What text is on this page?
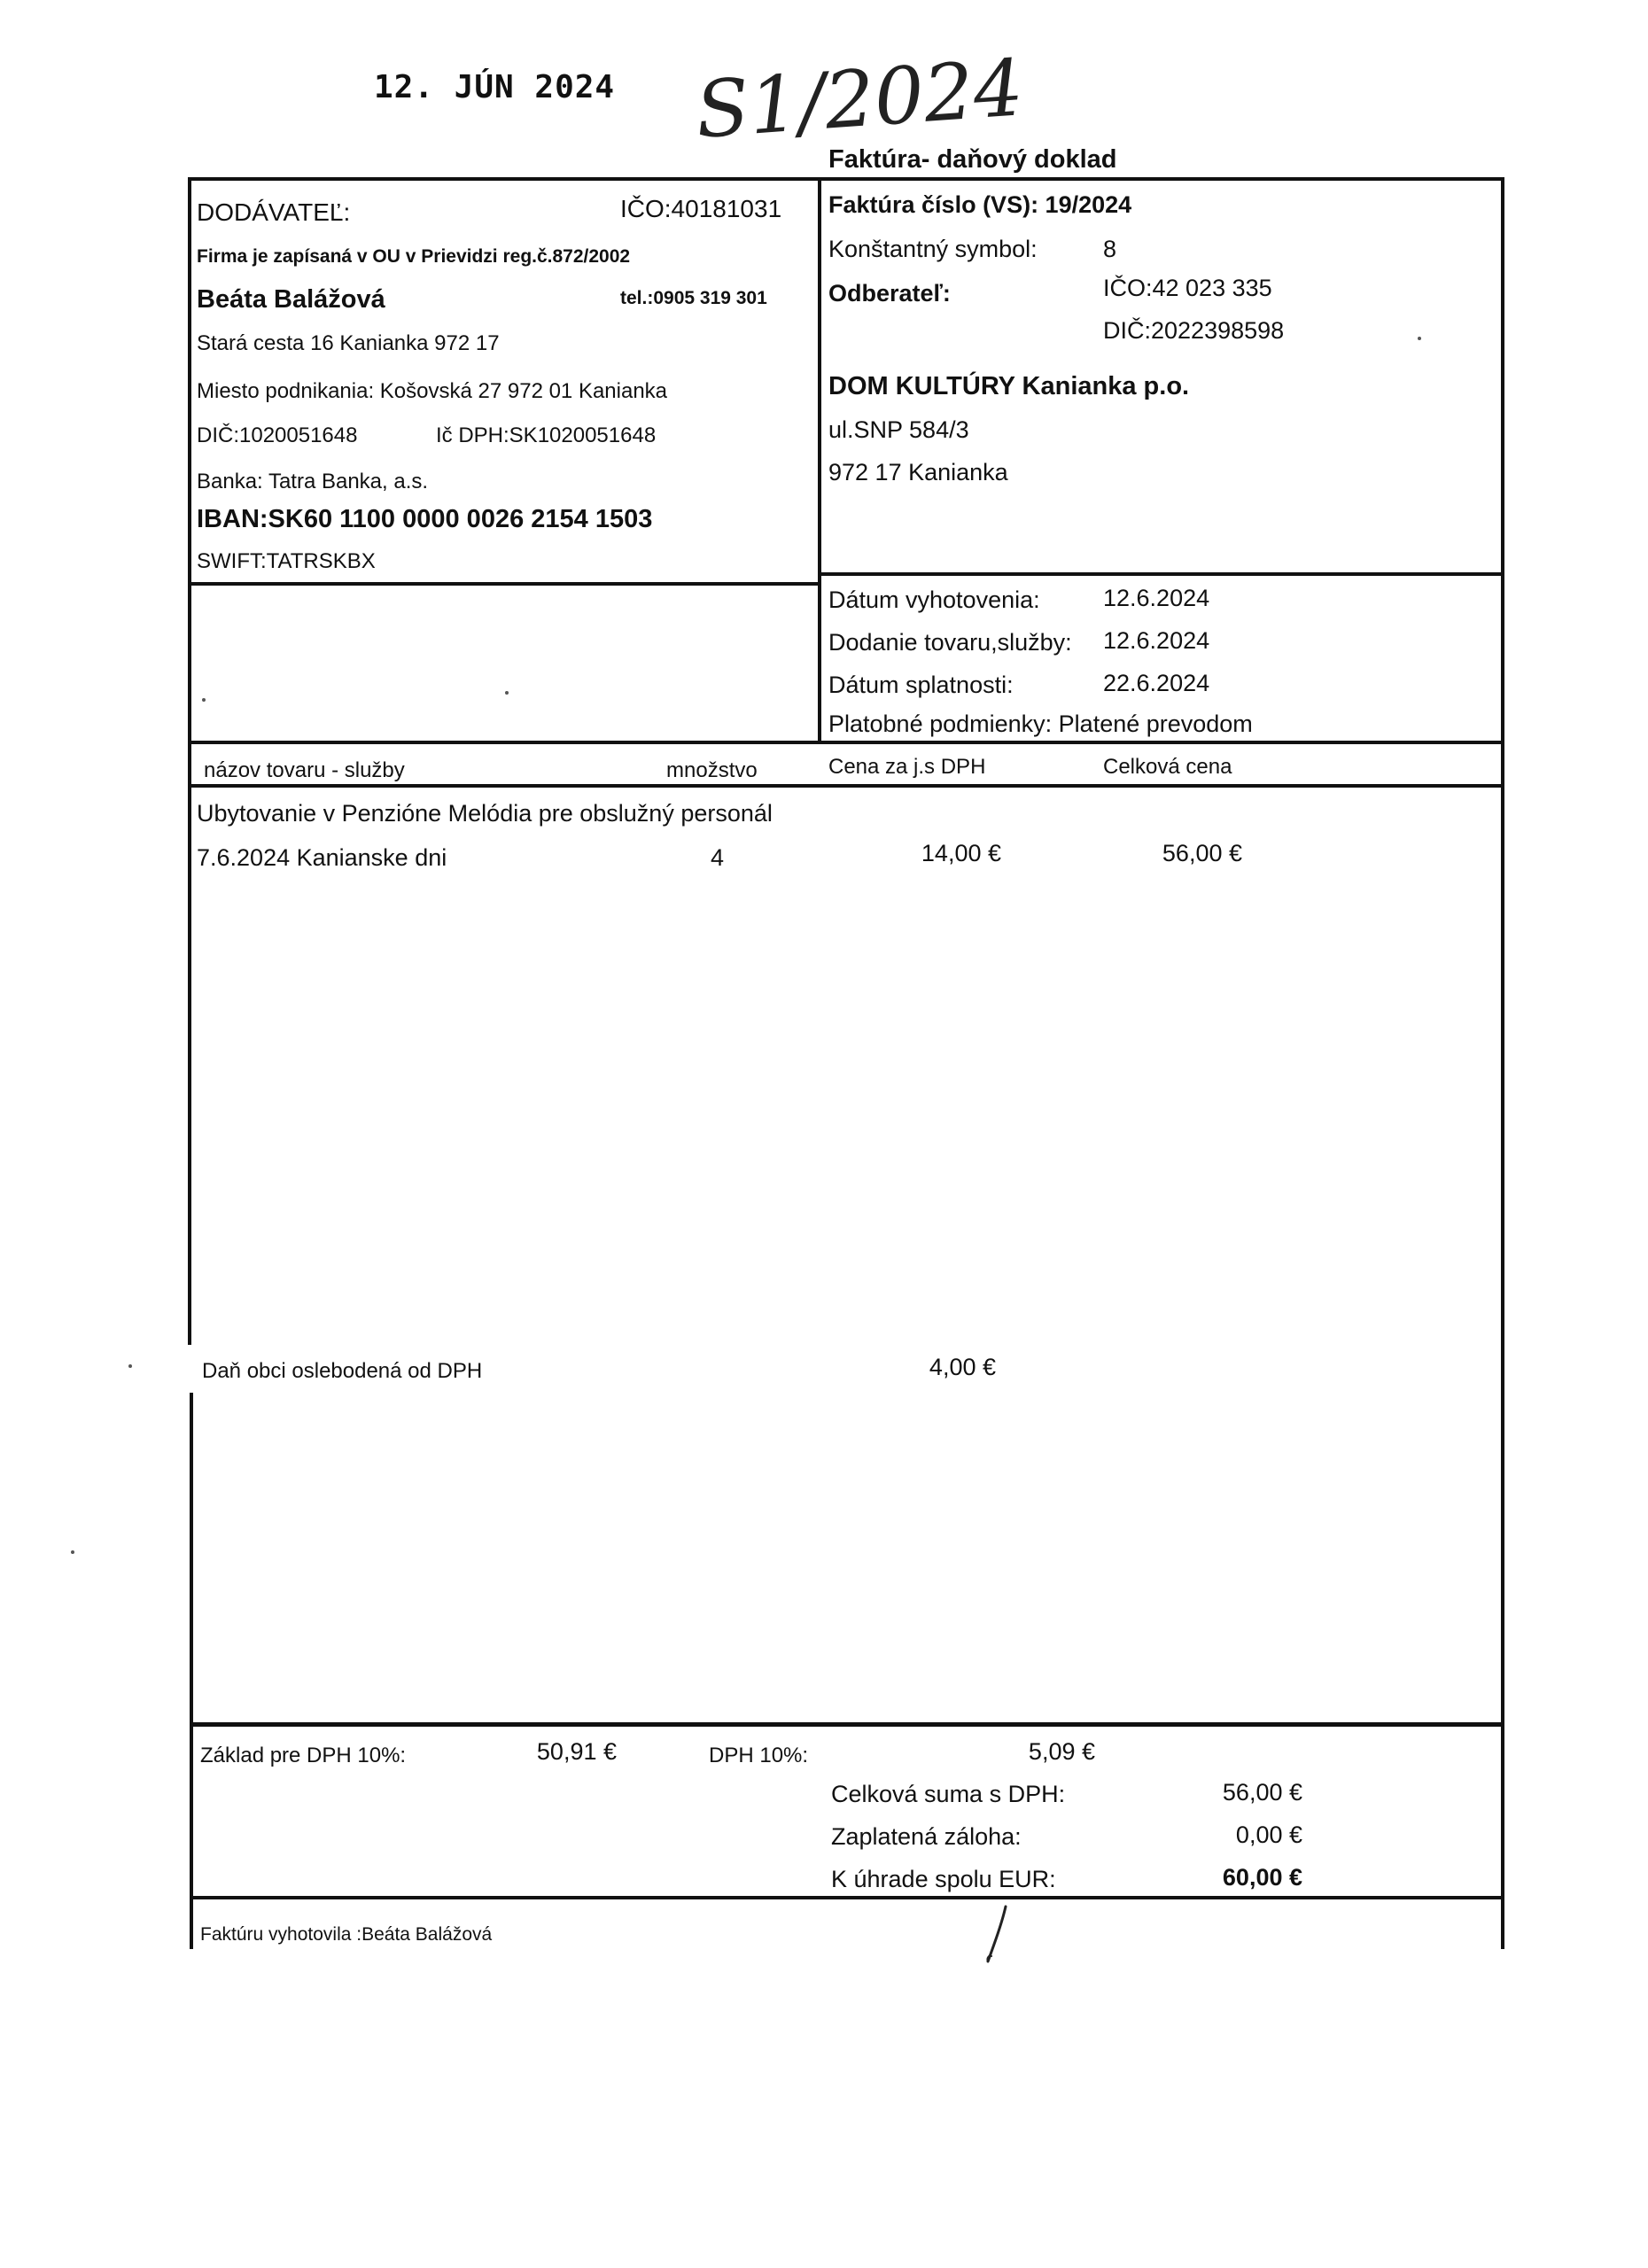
12. JÚN 2024 S1/2024
Faktúra- daňový doklad
DODÁVATEĽ:	IČO:40181031
Firma je zapísaná v OU v Prievidzi reg.č.872/2002
Beáta Balážová	tel.:0905 319 301
Stará cesta 16 Kanianka 972 17
Miesto podnikania: Košovská 27 972 01 Kanianka
DIČ:1020051648	Ič DPH:SK1020051648
Banka: Tatra Banka, a.s.
IBAN:SK60 1100 0000 0026 2154 1503
SWIFT:TATRSKBX
Faktúra číslo (VS): 19/2024
Konštantný symbol:	8
Odberateľ:	IČO:42 023 335
DIČ:2022398598
DOM KULTÚRY Kanianka p.o.
ul.SNP 584/3
972 17 Kanianka
Dátum vyhotovenia:	12.6.2024
Dodanie tovaru,služby: 12.6.2024
Dátum splatnosti:	22.6.2024
Platobné podmienky: Platené prevodom
názov tovaru - služby	množstvo	Cena za j.s DPH	Celková cena
Ubytovanie v Penzióne Melódia pre obslužný personál
7.6.2024 Kanianske dni	4	14,00 €	56,00 €
Daň obci oslebodená od DPH	4,00 €
Základ pre DPH 10%:	50,91 €	DPH 10%:	5,09 €
Celková suma s DPH:	56,00 €
Zaplatená záloha:	0,00 €
K úhrade spolu EUR:	60,00 €
Faktúru vyhotovila :Beáta Balážová
